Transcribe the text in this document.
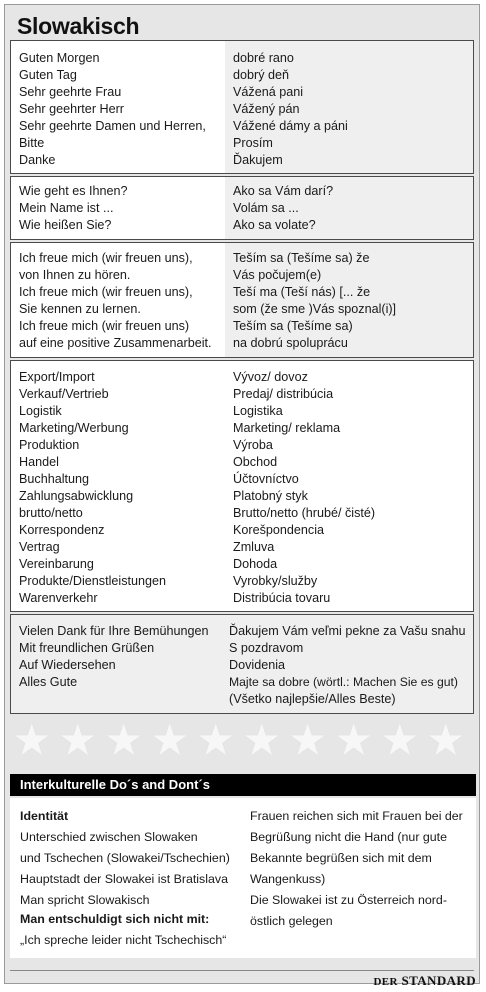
Slowakisch
Guten Morgen
Guten Tag
Sehr geehrte Frau
Sehr geehrter Herr
Sehr geehrte Damen und Herren,
Bitte
Danke
dobré rano
dobrý deň
Vážená pani
Vážený pán
Vážené dámy a páni
Prosím
Ďakujem
Wie geht es Ihnen?
Mein Name ist ...
Wie heißen Sie?
Ako sa Vám darí?
Volám sa ...
Ako sa volate?
Ich freue mich (wir freuen uns),
von Ihnen zu hören.
Ich freue mich (wir freuen uns),
Sie kennen zu lernen.
Ich freue mich (wir freuen uns)
auf eine positive Zusammenarbeit.
Teším sa (Tešíme sa) že
Vás počujem(e)
Teší ma (Teší nás) [... že
som (že sme )Vás spoznal(i)]
Teším sa (Tešíme sa)
na dobrú spoluprácu
Export/Import
Verkauf/Vertrieb
Logistik
Marketing/Werbung
Produktion
Handel
Buchhaltung
Zahlungsabwicklung
brutto/netto
Korrespondenz
Vertrag
Vereinbarung
Produkte/Dienstleistungen
Warenverkehr
Vývoz/ dovoz
Predaj/ distribúcia
Logistika
Marketing/ reklama
Výroba
Obchod
Účtovníctvo
Platobný styk
Brutto/netto (hrubé/ čisté)
Korešpondencia
Zmluva
Dohoda
Vyrobky/služby
Distribúcia tovaru
Vielen Dank für Ihre Bemühungen
Mit freundlichen Grüßen
Auf Wiedersehen
Alles Gute
Ďakujem Vám veľmi pekne za Vašu snahu
S pozdravom
Dovidenia
Majte sa dobre (wörtl.: Machen Sie es gut)
(Všetko najlepšie/Alles Beste)
★ ★ ★ ★ ★ ★ ★ ★ ★ ★
Interkulturelle Do´s and Dont´s
Identität
Unterschied zwischen Slowaken
und Tschechen (Slowakei/Tschechien)
Hauptstadt der Slowakei ist Bratislava
Man spricht Slowakisch
Man entschuldigt sich nicht mit:
„Ich spreche leider nicht Tschechisch“
Frauen reichen sich mit Frauen bei der
Begrüßung nicht die Hand (nur gute
Bekannte begrüßen sich mit dem
Wangenkuss)
Die Slowakei ist zu Österreich nord-
östlich gelegen
DER STANDARD
